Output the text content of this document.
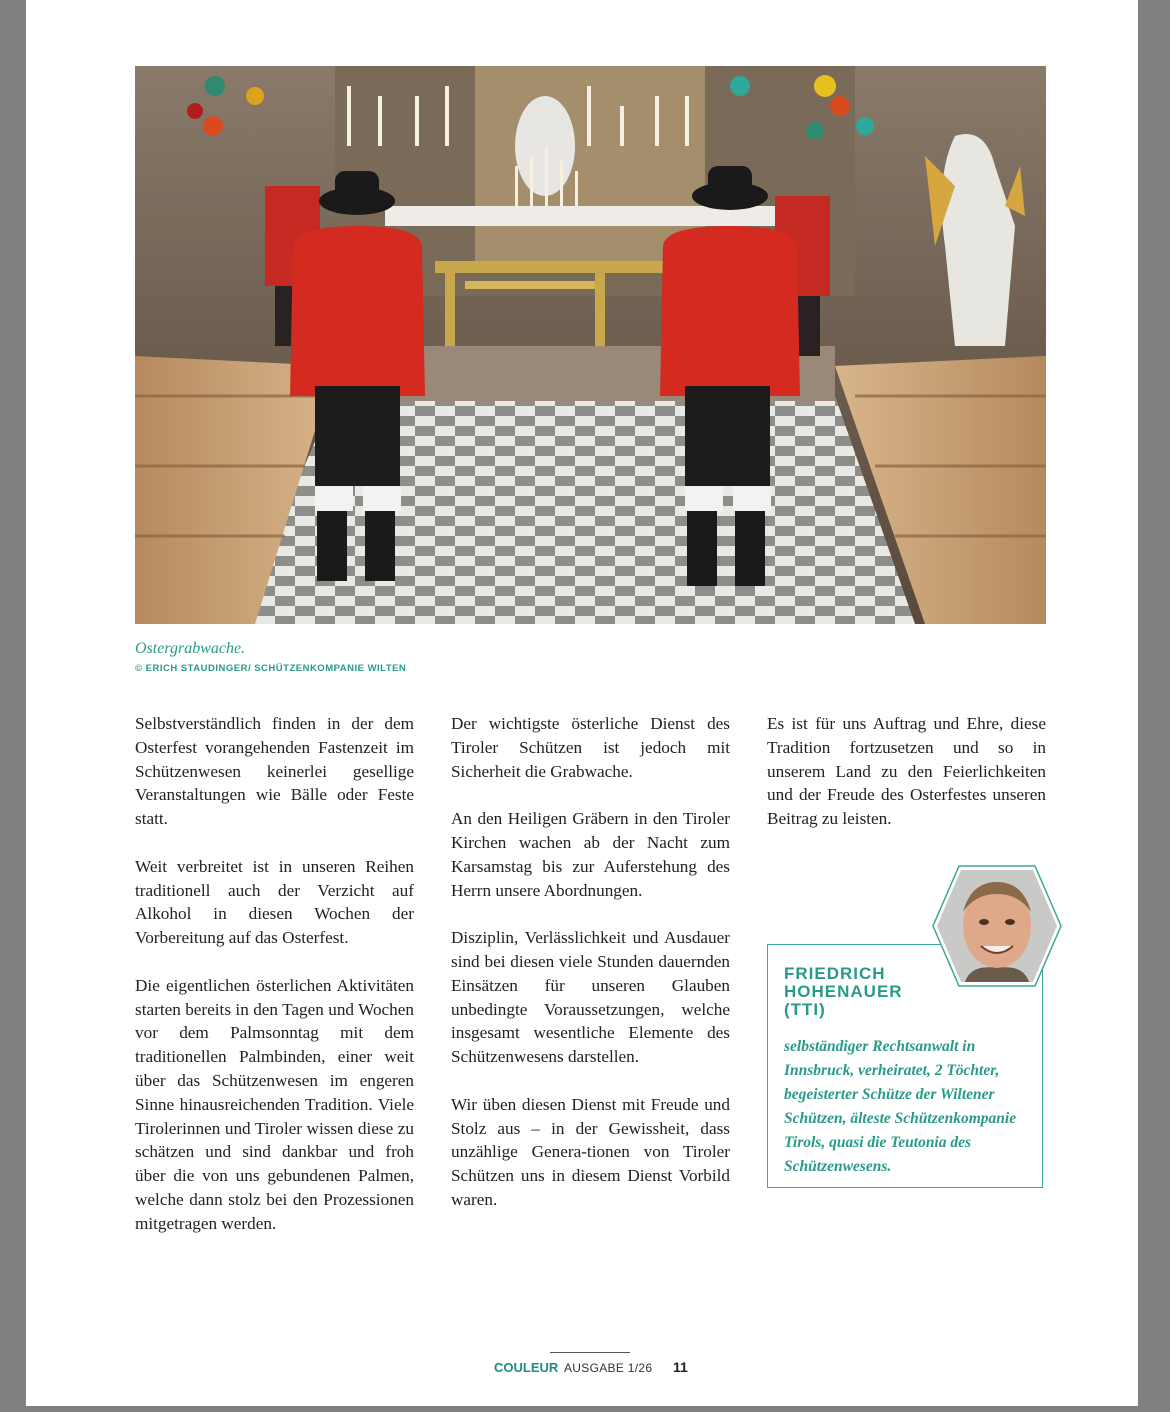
Ostergrabwache.
© ERICH STAUDINGER/ SCHÜTZENKOMPANIE WILTEN

Selbstverständlich finden in der dem Osterfest vorangehenden Fastenzeit im Schützenwesen keinerlei gesellige Veranstaltungen wie Bälle oder Feste statt.

Weit verbreitet ist in unseren Reihen traditionell auch der Verzicht auf Alkohol in diesen Wochen der Vorbereitung auf das Osterfest.

Die eigentlichen österlichen Aktivitäten starten bereits in den Tagen und Wochen vor dem Palmsonntag mit dem traditionellen Palmbinden, einer weit über das Schützenwesen im engeren Sinne hinausreichenden Tradition. Viele Tirolerinnen und Tiroler wissen diese zu schätzen und sind dankbar und froh über die von uns gebundenen Palmen, welche dann stolz bei den Prozessionen mitgetragen werden.

Der wichtigste österliche Dienst des Tiroler Schützen ist jedoch mit Sicherheit die Grabwache.

An den Heiligen Gräbern in den Tiroler Kirchen wachen ab der Nacht zum Karsamstag bis zur Auferstehung des Herrn unsere Abordnungen.

Disziplin, Verlässlichkeit und Ausdauer sind bei diesen viele Stunden dauernden Einsätzen für unseren Glauben unbedingte Voraussetzungen, welche insgesamt wesentliche Elemente des Schützenwesens darstellen.

Wir üben diesen Dienst mit Freude und Stolz aus – in der Gewissheit, dass unzählige Genera-tionen von Tiroler Schützen uns in diesem Dienst Vorbild waren.

Es ist für uns Auftrag und Ehre, diese Tradition fortzusetzen und so in unserem Land zu den Feierlichkeiten und der Freude des Osterfestes unseren Beitrag zu leisten.

FRIEDRICH HOHENAUER (TTI)
selbständiger Rechtsanwalt in Innsbruck, verheiratet, 2 Töchter, begeisterter Schütze der Wiltener Schützen, älteste Schützenkompanie Tirols, quasi die Teutonia des Schützenwesens.
COULEUR AUSGABE 1/26 11
